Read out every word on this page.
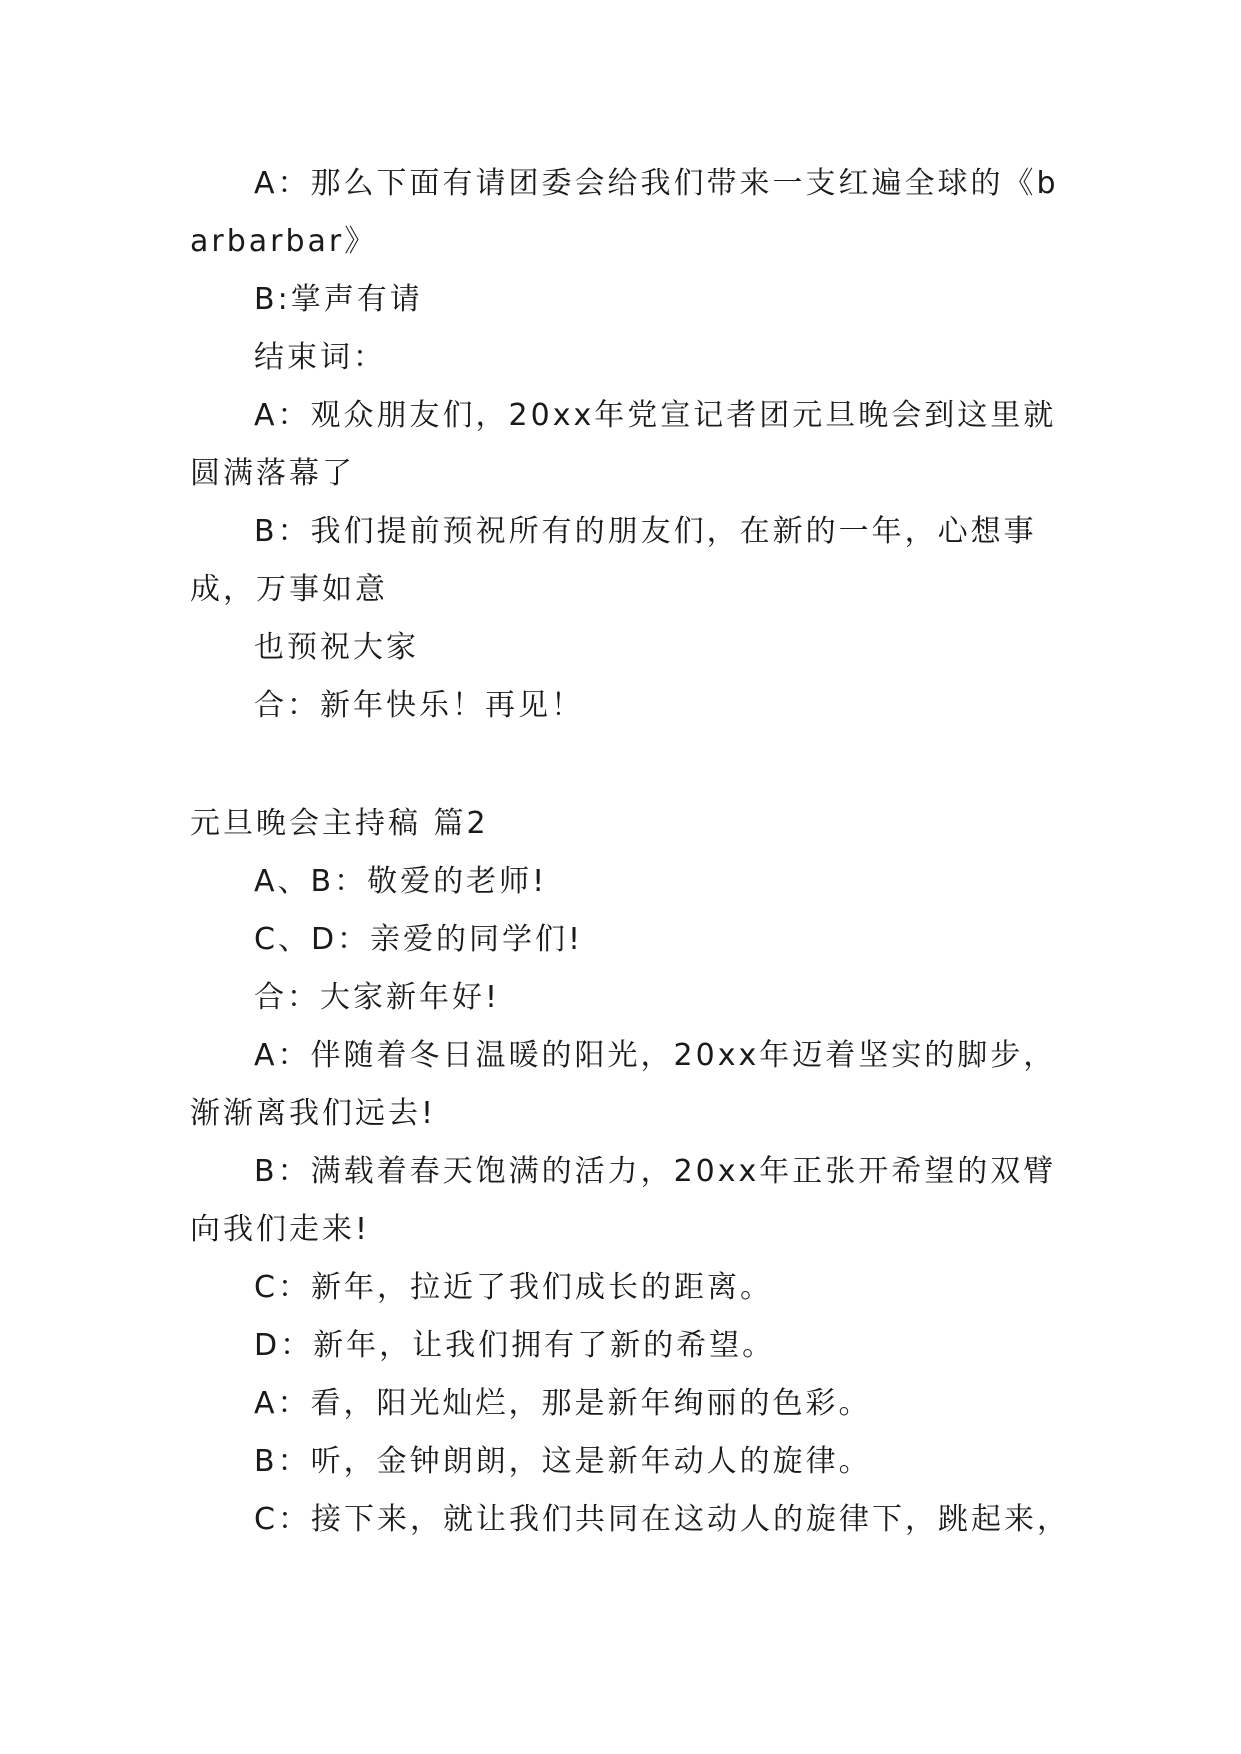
A：那么下面有请团委会给我们带来一支红遍全球的《barbarbar》

B:掌声有请

结束词：

A：观众朋友们，20xx年党宣记者团元旦晚会到这里就圆满落幕了

B：我们提前预祝所有的朋友们，在新的一年，心想事成，万事如意

也预祝大家

合：新年快乐！再见！

元旦晚会主持稿 篇2

A、B：敬爱的老师!

C、D：亲爱的同学们!

合：大家新年好!

A：伴随着冬日温暖的阳光，20xx年迈着坚实的脚步，渐渐离我们远去!

B：满载着春天饱满的活力，20xx年正张开希望的双臂向我们走来!

C：新年，拉近了我们成长的距离。

D：新年，让我们拥有了新的希望。

A：看，阳光灿烂，那是新年绚丽的色彩。

B：听，金钟朗朗，这是新年动人的旋律。

C：接下来，就让我们共同在这动人的旋律下，跳起来，
